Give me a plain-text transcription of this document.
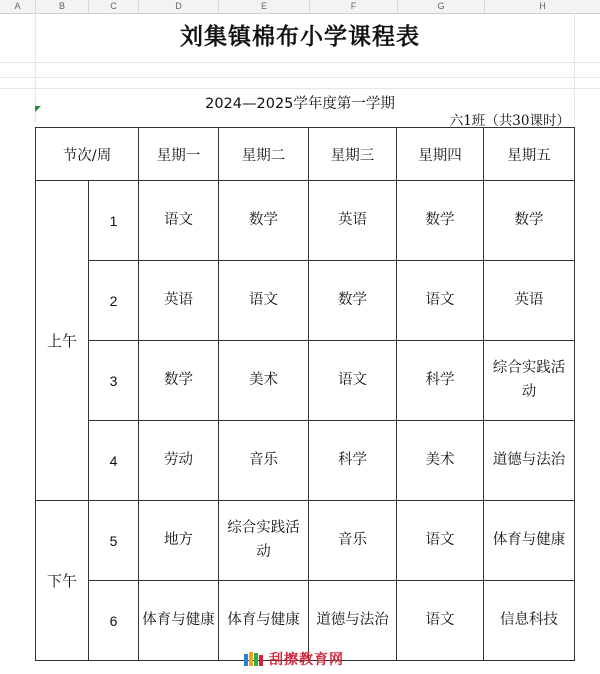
A	B	C	D	E	F	G	H
刘集镇棉布小学课程表
2024—2025学年度第一学期
六1班（共30课时）
节次/周		星期一	星期二	星期三	星期四	星期五
上午	1	语文	数学	英语	数学	数学
	2	英语	语文	数学	语文	英语
	3	数学	美术	语文	科学	综合实践活动
	4	劳动	音乐	科学	美术	道德与法治
下午	5	地方	综合实践活动	音乐	语文	体育与健康
	6	体育与健康	体育与健康	道德与法治	语文	信息科技
刮擦教育网
